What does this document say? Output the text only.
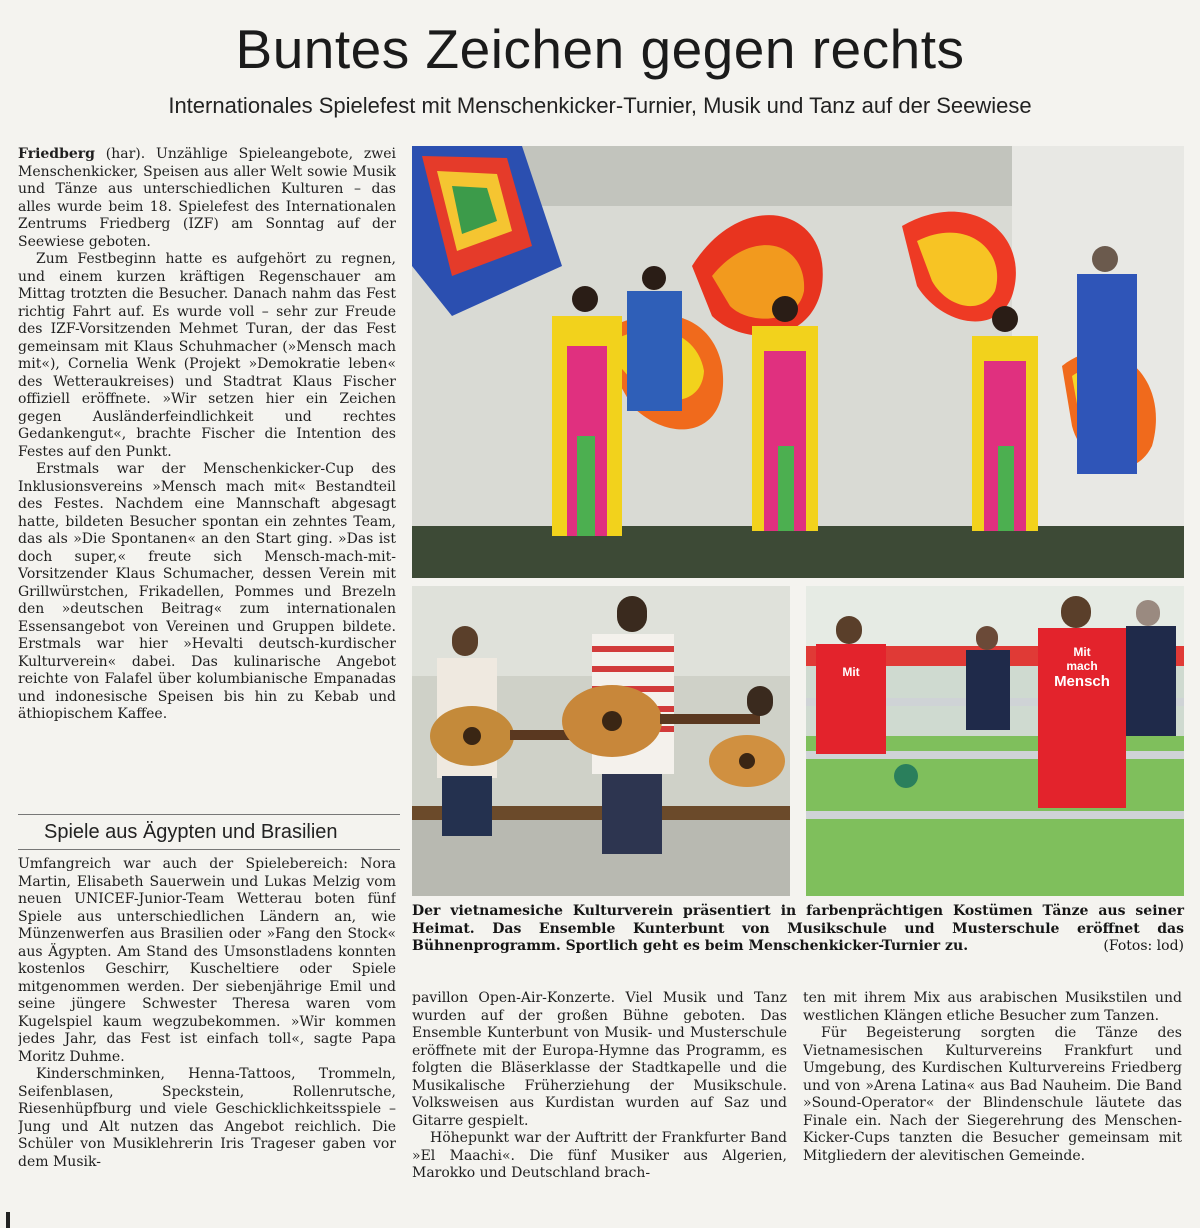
Buntes Zeichen gegen rechts
Internationales Spielefest mit Menschenkicker-Turnier, Musik und Tanz auf der Seewiese

Friedberg (har). Unzählige Spieleangebote, zwei Menschenkicker, Speisen aus aller Welt sowie Musik und Tänze aus unterschiedlichen Kulturen – das alles wurde beim 18. Spielefest des Internationalen Zentrums Friedberg (IZF) am Sonntag auf der Seewiese geboten.

Zum Festbeginn hatte es aufgehört zu regnen, und einem kurzen kräftigen Regenschauer am Mittag trotzten die Besucher. Danach nahm das Fest richtig Fahrt auf. Es wurde voll – sehr zur Freude des IZF-Vorsitzenden Mehmet Turan, der das Fest gemeinsam mit Klaus Schuhmacher (»Mensch mach mit«), Cornelia Wenk (Projekt »Demokratie leben« des Wetteraukreises) und Stadtrat Klaus Fischer offiziell eröffnete. »Wir setzen hier ein Zeichen gegen Ausländerfeindlichkeit und rechtes Gedankengut«, brachte Fischer die Intention des Festes auf den Punkt.

Erstmals war der Menschenkicker-Cup des Inklusionsvereins »Mensch mach mit« Bestandteil des Festes. Nachdem eine Mannschaft abgesagt hatte, bildeten Besucher spontan ein zehntes Team, das als »Die Spontanen« an den Start ging. »Das ist doch super,« freute sich Mensch-mach-mit-Vorsitzender Klaus Schumacher, dessen Verein mit Grillwürstchen, Frikadellen, Pommes und Brezeln den »deutschen Beitrag« zum internationalen Essensangebot von Vereinen und Gruppen bildete. Erstmals war hier »Hevalti deutsch-kurdischer Kulturverein« dabei. Das kulinarische Angebot reichte von Falafel über kolumbianische Empanadas und indonesische Speisen bis hin zu Kebab und äthiopischem Kaffee.

Spiele aus Ägypten und Brasilien

Umfangreich war auch der Spielebereich: Nora Martin, Elisabeth Sauerwein und Lukas Melzig vom neuen UNICEF-Junior-Team Wetterau boten fünf Spiele aus unterschiedlichen Ländern an, wie Münzenwerfen aus Brasilien oder »Fang den Stock« aus Ägypten. Am Stand des Umsonstladens konnten kostenlos Geschirr, Kuscheltiere oder Spiele mitgenommen werden. Der siebenjährige Emil und seine jüngere Schwester Theresa waren vom Kugelspiel kaum wegzubekommen. »Wir kommen jedes Jahr, das Fest ist einfach toll«, sagte Papa Moritz Duhme.

Kinderschminken, Henna-Tattoos, Trommeln, Seifenblasen, Speckstein, Rollenrutsche, Riesenhüpfburg und viele Geschicklichkeitsspiele – Jung und Alt nutzen das Angebot reichlich. Die Schüler von Musiklehrerin Iris Trageser gaben vor dem Musik-

Mit
Mit
mach
Mensch
Der vietnamesiche Kulturverein präsentiert in farbenprächtigen Kostümen Tänze aus seiner Heimat. Das Ensemble Kunterbunt von Musikschule und Musterschule eröffnet das Bühnenprogramm. Sportlich geht es beim Menschenkicker-Turnier zu.	(Fotos: lod)

pavillon Open-Air-Konzerte. Viel Musik und Tanz wurden auf der großen Bühne geboten. Das Ensemble Kunterbunt von Musik- und Musterschule eröffnete mit der Europa-Hymne das Programm, es folgten die Bläserklasse der Stadtkapelle und die Musikalische Früherziehung der Musikschule. Volksweisen aus Kurdistan wurden auf Saz und Gitarre gespielt.

Höhepunkt war der Auftritt der Frankfurter Band »El Maachi«. Die fünf Musiker aus Algerien, Marokko und Deutschland brach-

ten mit ihrem Mix aus arabischen Musikstilen und westlichen Klängen etliche Besucher zum Tanzen.

Für Begeisterung sorgten die Tänze des Vietnamesischen Kulturvereins Frankfurt und Umgebung, des Kurdischen Kulturvereins Friedberg und von »Arena Latina« aus Bad Nauheim. Die Band »Sound-Operator« der Blindenschule läutete das Finale ein. Nach der Siegerehrung des Menschen-Kicker-Cups tanzten die Besucher gemeinsam mit Mitgliedern der alevitischen Gemeinde.
